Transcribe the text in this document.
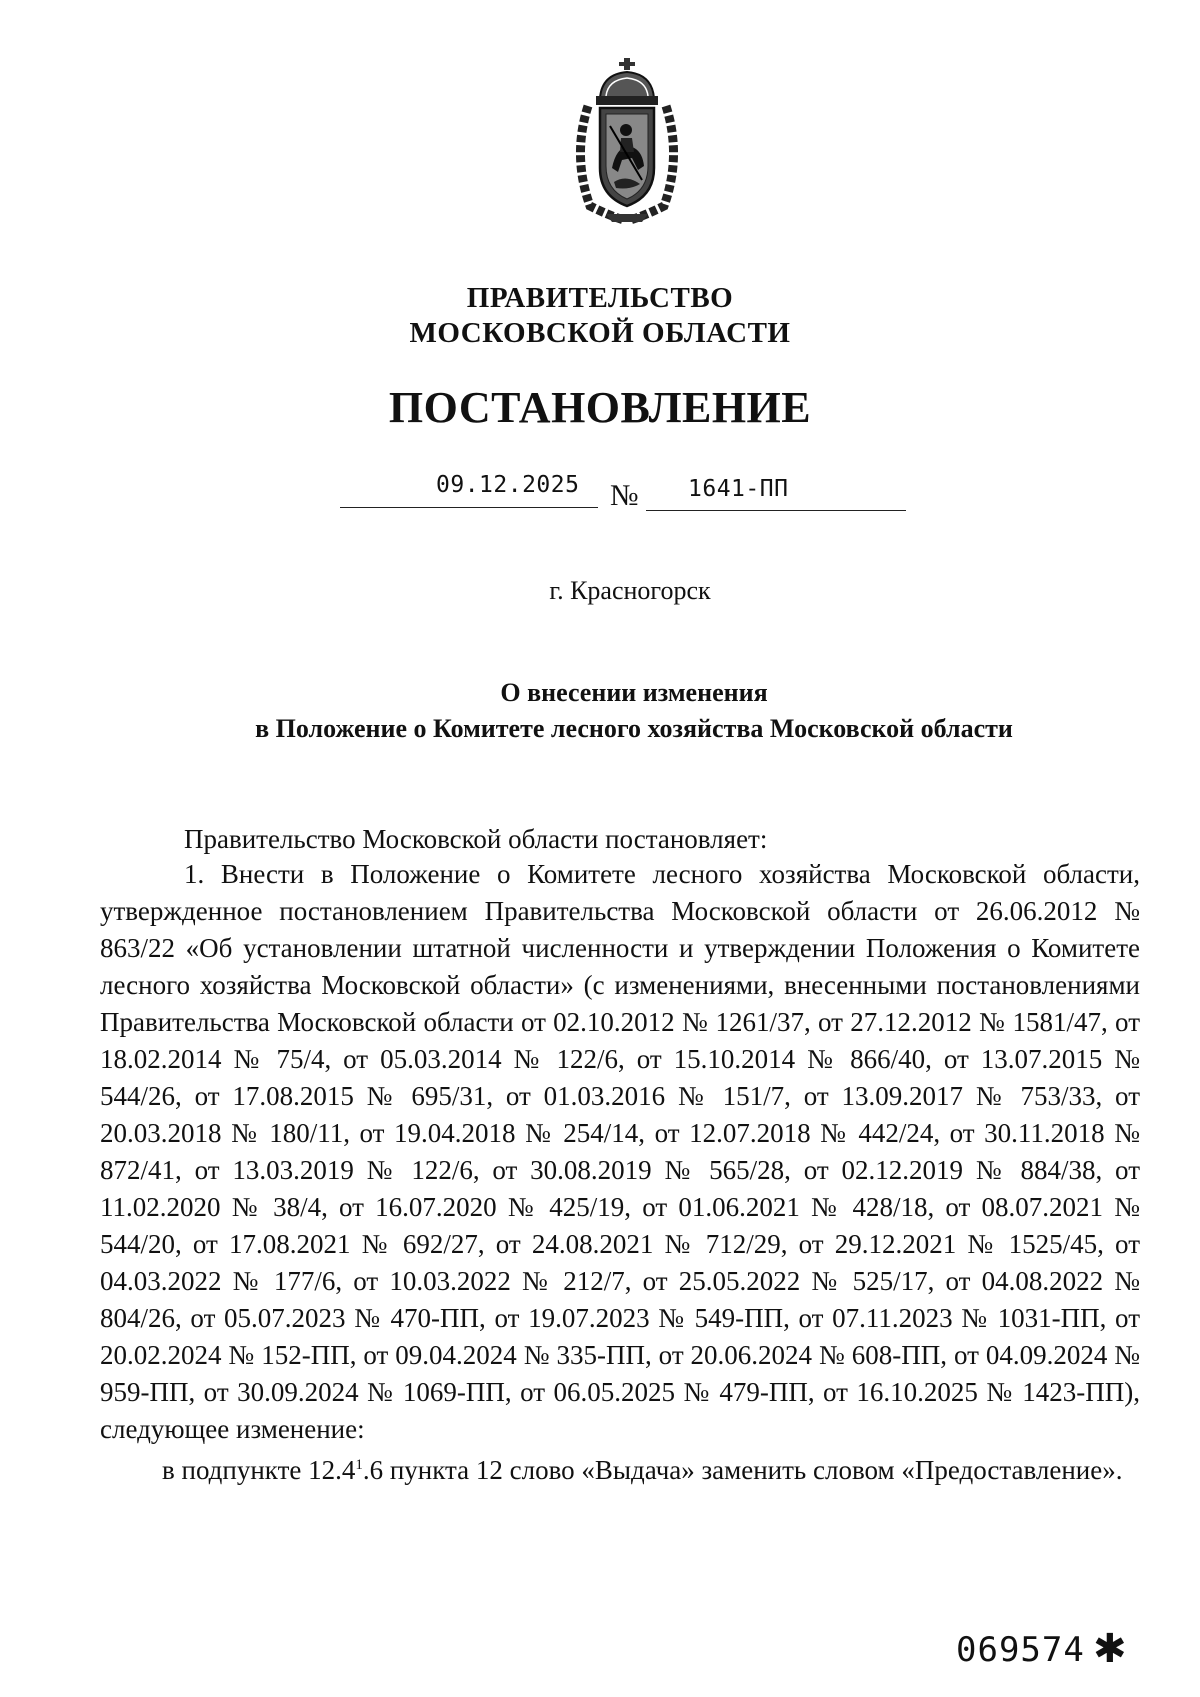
ПРАВИТЕЛЬСТВО
МОСКОВСКОЙ ОБЛАСТИ
ПОСТАНОВЛЕНИЕ
09.12.2025 № 1641-ПП
г. Красногорск
О внесении изменения
в Положение о Комитете лесного хозяйства Московской области
Правительство Московской области постановляет:

1. Внести в Положение о Комитете лесного хозяйства Московской области, утвержденное постановлением Правительства Московской области от 26.06.2012 № 863/22 «Об установлении штатной численности и утверждении Положения о Комитете лесного хозяйства Московской области» (с изменениями, внесенными постановлениями Правительства Московской области от 02.10.2012 № 1261/37, от 27.12.2012 № 1581/47, от 18.02.2014 № 75/4, от 05.03.2014 № 122/6, от 15.10.2014 № 866/40, от 13.07.2015 № 544/26, от 17.08.2015 № 695/31, от 01.03.2016 № 151/7, от 13.09.2017 № 753/33, от 20.03.2018 № 180/11, от 19.04.2018 № 254/14, от 12.07.2018 № 442/24, от 30.11.2018 № 872/41, от 13.03.2019 № 122/6, от 30.08.2019 № 565/28, от 02.12.2019 № 884/38, от 11.02.2020 № 38/4, от 16.07.2020 № 425/19, от 01.06.2021 № 428/18, от 08.07.2021 № 544/20, от 17.08.2021 № 692/27, от 24.08.2021 № 712/29, от 29.12.2021 № 1525/45, от 04.03.2022 № 177/6, от 10.03.2022 № 212/7, от 25.05.2022 № 525/17, от 04.08.2022 № 804/26, от 05.07.2023 № 470-ПП, от 19.07.2023 № 549-ПП, от 07.11.2023 № 1031-ПП, от 20.02.2024 № 152-ПП, от 09.04.2024 № 335-ПП, от 20.06.2024 № 608-ПП, от 04.09.2024 № 959-ПП, от 30.09.2024 № 1069-ПП, от 06.05.2025 № 479-ПП, от 16.10.2025 № 1423-ПП), следующее изменение:

в подпункте 12.4$^1$.6 пункта 12 слово «Выдача» заменить словом «Предоставление».

069574 ✱
